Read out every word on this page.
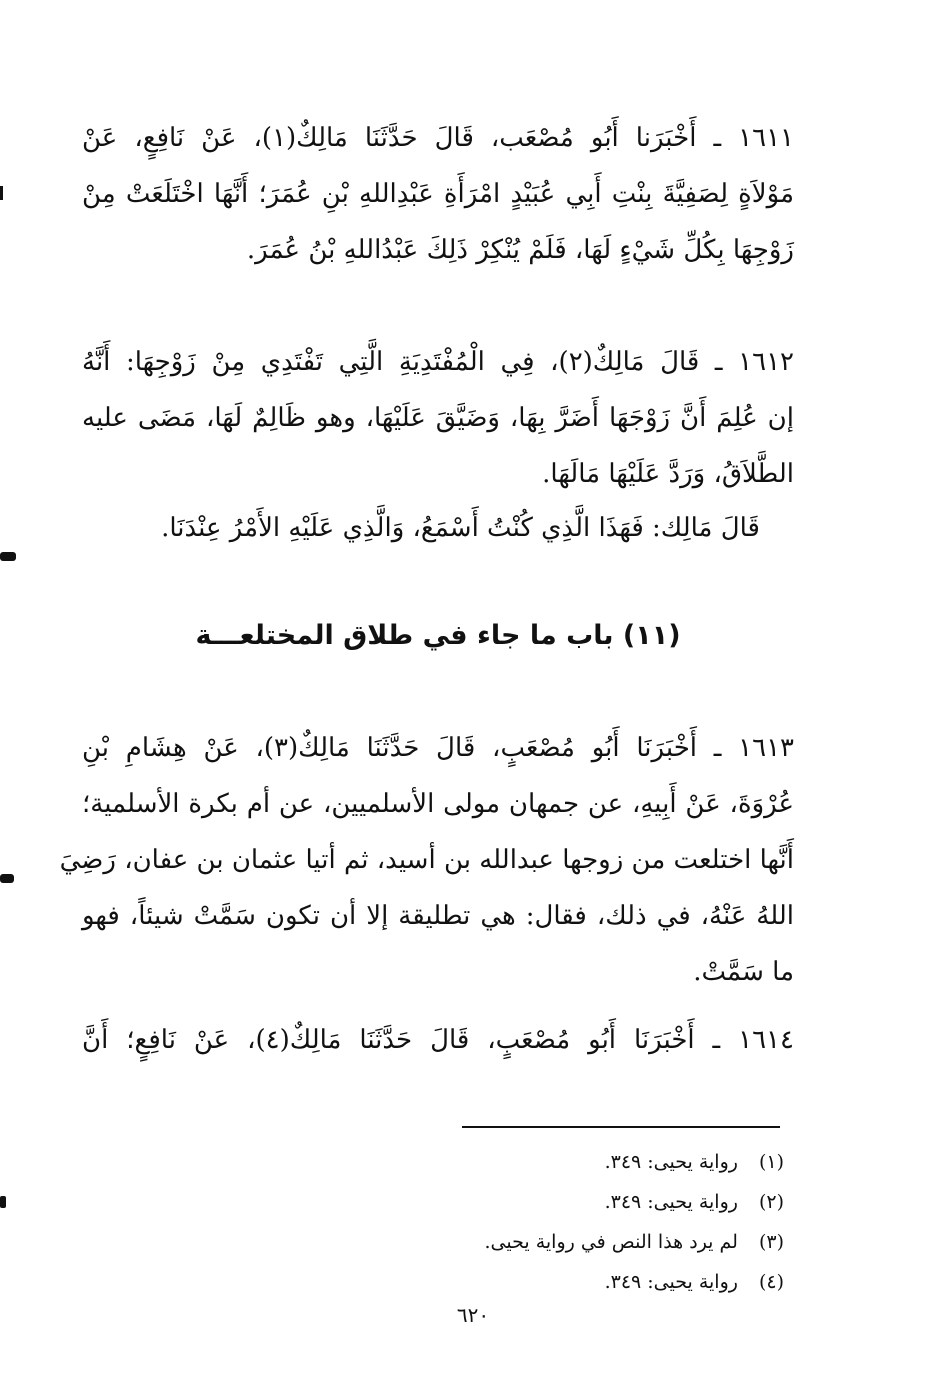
١٦١١ ـ أَخْبَرَنا أَبُو مُصْعَب، قَالَ حَدَّثَنَا مَالِكٌ(١)، عَنْ نَافِعٍ، عَنْ
مَوْلاَةٍ لِصَفِيَّةَ بِنْتِ أَبِي عُبَيْدٍ امْرَأَةِ عَبْدِاللهِ بْنِ عُمَرَ؛ أَنَّهَا اخْتَلَعَتْ مِنْ
زَوْجِهَا بِكُلِّ شَيْءٍ لَهَا، فَلَمْ يُنْكِرْ ذَلِكَ عَبْدُاللهِ بْنُ عُمَرَ.
١٦١٢ ـ قَالَ مَالِكٌ(٢)، فِي الْمُفْتَدِيَةِ الَّتِي تَفْتَدِي مِنْ زَوْجِهَا: أَنَّهُ
إن عُلِمَ أَنَّ زَوْجَهَا أَضَرَّ بِهَا، وَضَيَّقَ عَلَيْهَا، وهو ظَالِمٌ لَهَا، مَضَى عليه
الطَّلاَقُ، وَرَدَّ عَلَيْهَا مَالَهَا.
قَالَ مَالِك: فَهَذَا الَّذِي كُنْتُ أَسْمَعُ، وَالَّذِي عَلَيْهِ الأَمْرُ عِنْدَنَا.
(١١) باب ما جاء في طلاق المختلعـــة
١٦١٣ ـ أَخْبَرَنَا أَبُو مُصْعَبٍ، قَالَ حَدَّثَنَا مَالِكٌ(٣)، عَنْ هِشَامِ بْنِ
عُرْوَةَ، عَنْ أَبِيهِ، عن جمهان مولى الأسلميين، عن أم بكرة الأسلمية؛
أَنَّها اختلعت من زوجها عبدالله بن أسيد، ثم أتيا عثمان بن عفان، رَضِيَ
اللهُ عَنْهُ، في ذلك، فقال: هي تطليقة إلا أن تكون سَمَّتْ شيئاً، فهو
ما سَمَّتْ.
١٦١٤ ـ أَخْبَرَنَا أَبُو مُصْعَبٍ، قَالَ حَدَّثَنَا مَالِكٌ(٤)، عَنْ نَافِعٍ؛ أَنَّ
(١) رواية يحيى: ٣٤٩.
(٢) رواية يحيى: ٣٤٩.
(٣) لم يرد هذا النص في رواية يحيى.
(٤) رواية يحيى: ٣٤٩.
٦٢٠
